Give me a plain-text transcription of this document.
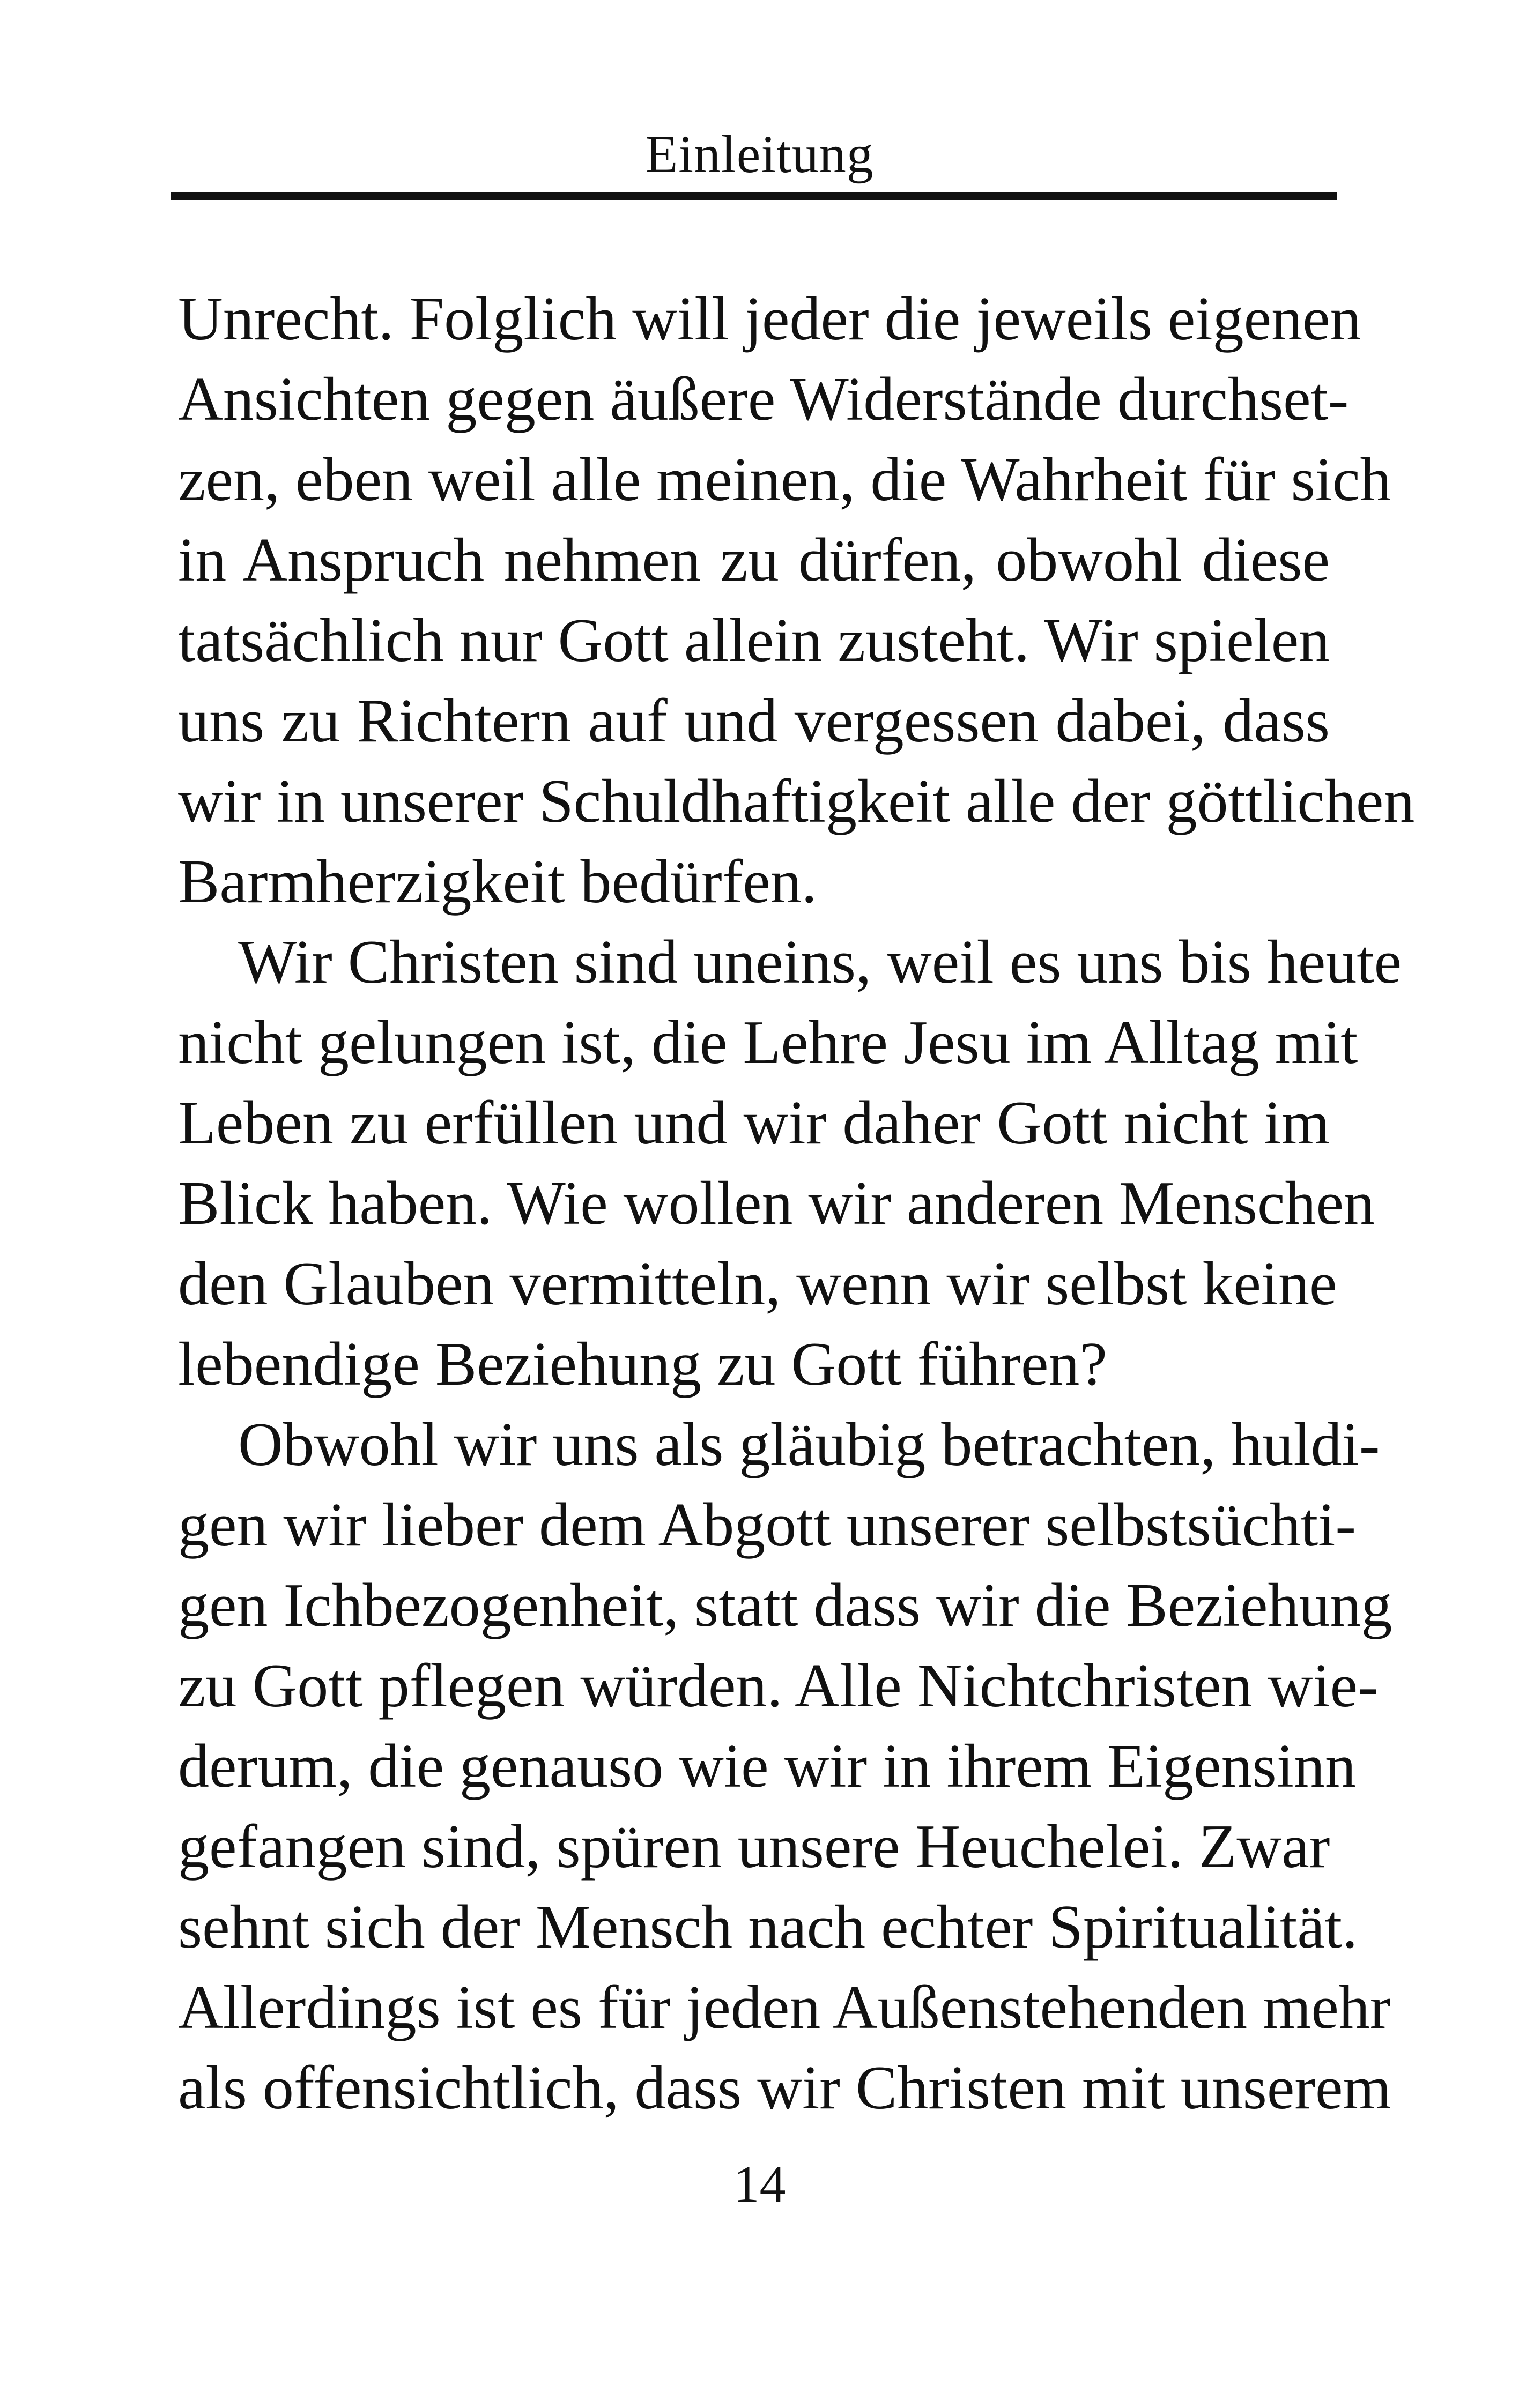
Einleitung
Unrecht. Folglich will jeder die jeweils eigenen
Ansichten gegen äußere Widerstände durchset-
zen, eben weil alle meinen, die Wahrheit für sich
in Anspruch nehmen zu dürfen, obwohl diese
tatsächlich nur Gott allein zusteht. Wir spielen
uns zu Richtern auf und vergessen dabei, dass
wir in unserer Schuldhaftigkeit alle der göttlichen
Barmherzigkeit bedürfen.
Wir Christen sind uneins, weil es uns bis heute
nicht gelungen ist, die Lehre Jesu im Alltag mit
Leben zu erfüllen und wir daher Gott nicht im
Blick haben. Wie wollen wir anderen Menschen
den Glauben vermitteln, wenn wir selbst keine
lebendige Beziehung zu Gott führen?
Obwohl wir uns als gläubig betrachten, huldi-
gen wir lieber dem Abgott unserer selbstsüchti-
gen Ichbezogenheit, statt dass wir die Beziehung
zu Gott pflegen würden. Alle Nichtchristen wie-
derum, die genauso wie wir in ihrem Eigensinn
gefangen sind, spüren unsere Heuchelei. Zwar
sehnt sich der Mensch nach echter Spiritualität.
Allerdings ist es für jeden Außenstehenden mehr
als offensichtlich, dass wir Christen mit unserem
14
